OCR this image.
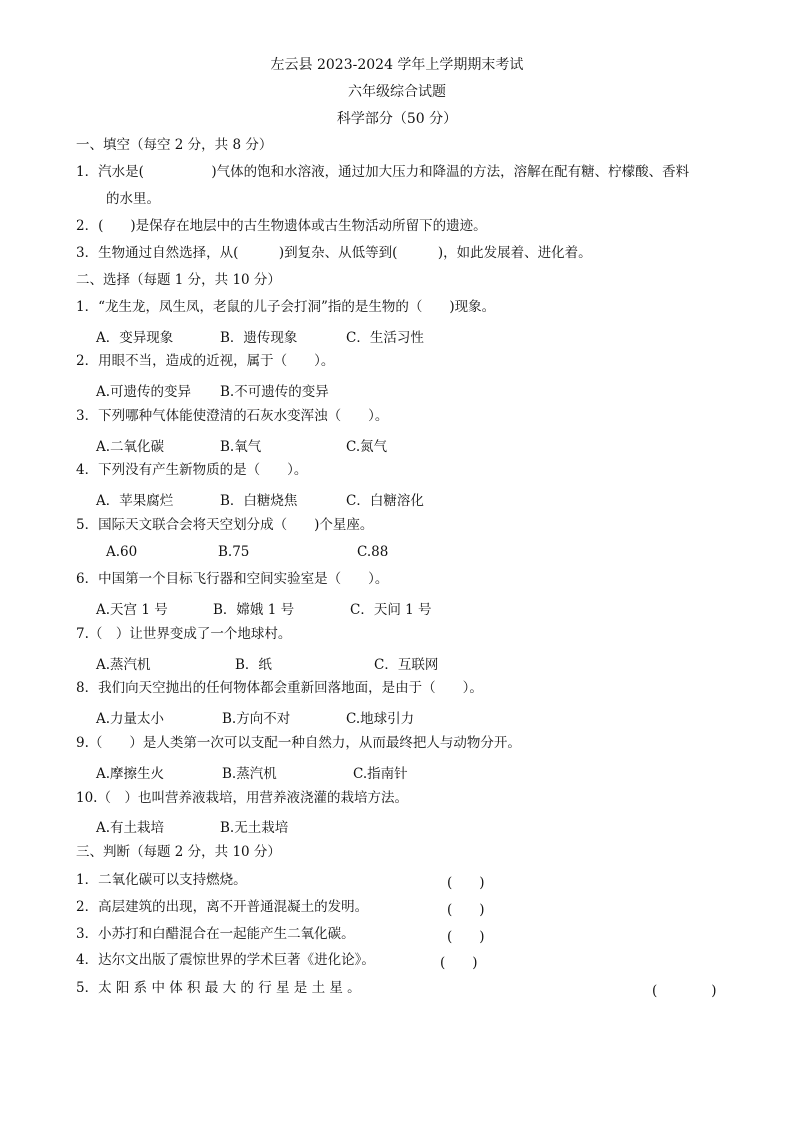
左云县 2023-2024 学年上学期期末考试
六年级综合试题
科学部分（50 分）
一、填空（每空 2 分，共 8 分）
1．汽水是(　　　　　)气体的饱和水溶液，通过加大压力和降温的方法，溶解在配有糖、柠檬酸、香料
的水里。
2．(　　)是保存在地层中的古生物遗体或古生物活动所留下的遗迹。
3．生物通过自然选择，从(　　　)到复杂、从低等到(　　　)，如此发展着、进化着。
二、选择（每题 1 分，共 10 分）
1．“龙生龙，凤生凤，老鼠的儿子会打洞”指的是生物的（　　)现象。
A．变异现象	B．遗传现象	C．生活习性
2．用眼不当，造成的近视，属于（　　）。
A.可遗传的变异 B.不可遗传的变异
3．下列哪种气体能使澄清的石灰水变浑浊（　　）。
A.二氧化碳	B.氧气	C.氮气
4．下列没有产生新物质的是（　　）。
A．苹果腐烂	B．白糖烧焦	C．白糖溶化
5．国际天文联合会将天空划分成（　　)个星座。
A.60	B.75	C.88
6．中国第一个目标飞行器和空间实验室是（　　）。
A.天宫 1 号	B．嫦娥 1 号	C．天问 1 号
7.（　）让世界变成了一个地球村。
A.蒸汽机	B．纸	C．互联网
8．我们向天空抛出的任何物体都会重新回落地面，是由于（　　）。
A.力量太小	B.方向不对	C.地球引力
9.（　　）是人类第一次可以支配一种自然力，从而最终把人与动物分开。
A.摩擦生火	B.蒸汽机	C.指南针
10.（　）也叫营养液栽培，用营养液浇灌的栽培方法。
A.有土栽培	B.无土栽培
三、判断（每题 2 分，共 10 分）
1．二氧化碳可以支持燃烧。	(　　)
2．高层建筑的出现，离不开普通混凝土的发明。	(　　)
3．小苏打和白醋混合在一起能产生二氧化碳。	(　　)
4．达尔文出版了震惊世界的学术巨著《进化论》。	(　　)
5．太 阳 系 中 体 积 最 大 的 行 星 是 土 星 。	(　　　　)
